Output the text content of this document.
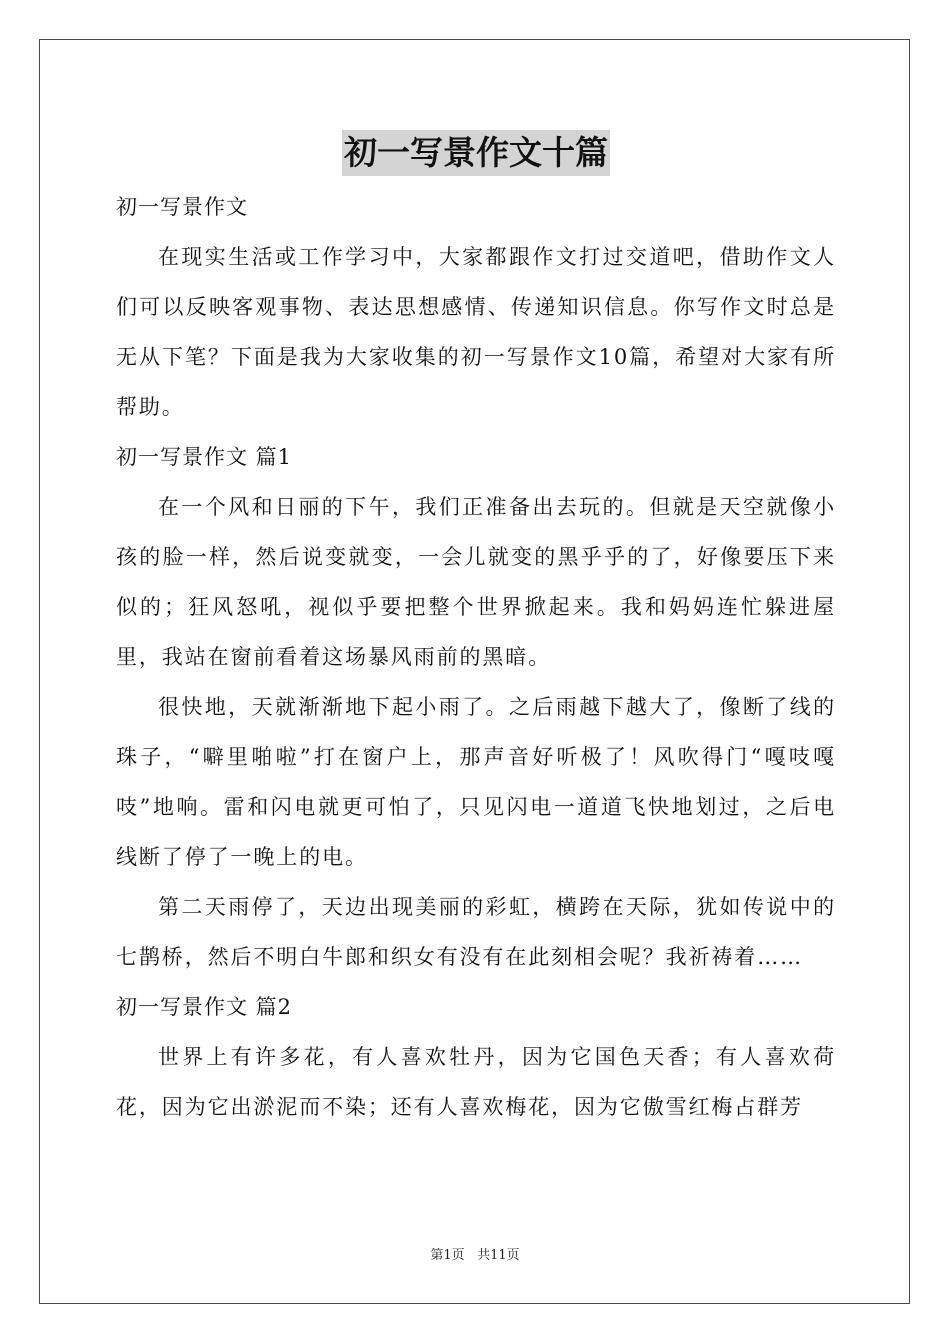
初一写景作文十篇

初一写景作文

在现实生活或工作学习中，大家都跟作文打过交道吧，借助作文人们可以反映客观事物、表达思想感情、传递知识信息。你写作文时总是无从下笔？下面是我为大家收集的初一写景作文10篇，希望对大家有所帮助。

初一写景作文 篇1

在一个风和日丽的下午，我们正准备出去玩的。但就是天空就像小孩的脸一样，然后说变就变，一会儿就变的黑乎乎的了，好像要压下来似的；狂风怒吼，视似乎要把整个世界掀起来。我和妈妈连忙躲进屋里，我站在窗前看着这场暴风雨前的黑暗。

很快地，天就渐渐地下起小雨了。之后雨越下越大了，像断了线的珠子，“噼里啪啦”打在窗户上，那声音好听极了！风吹得门“嘎吱嘎吱”地响。雷和闪电就更可怕了，只见闪电一道道飞快地划过，之后电线断了停了一晚上的电。

第二天雨停了，天边出现美丽的彩虹，横跨在天际，犹如传说中的七鹊桥，然后不明白牛郎和织女有没有在此刻相会呢？我祈祷着……

初一写景作文 篇2

世界上有许多花，有人喜欢牡丹，因为它国色天香；有人喜欢荷花，因为它出淤泥而不染；还有人喜欢梅花，因为它傲雪红梅占群芳

第1页 共11页
